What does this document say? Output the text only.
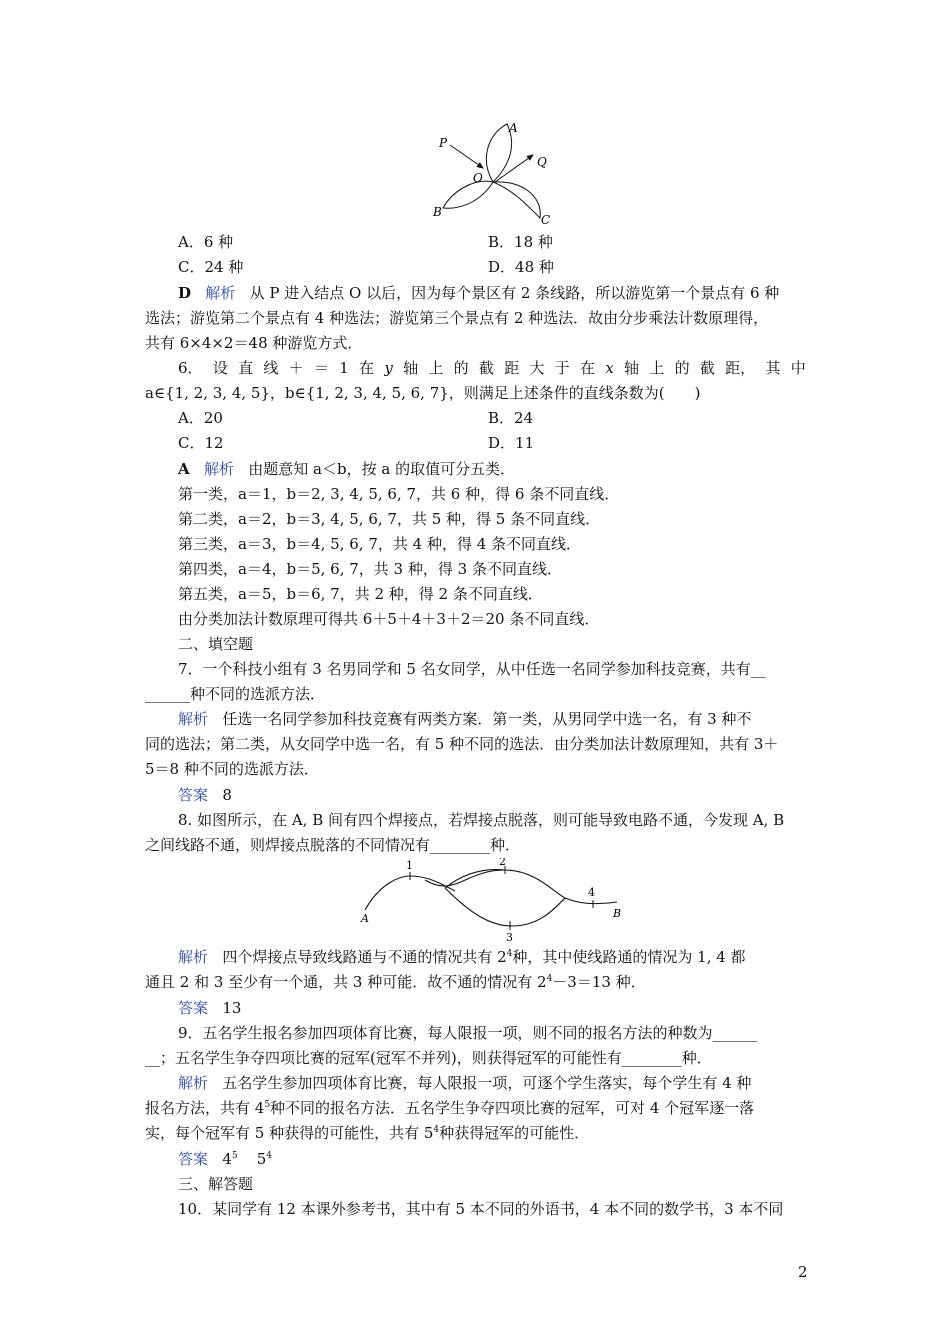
P
A
Q
O
B
C
A．6 种	B．18 种
C．24 种	D．48 种
D 解析 从 P 进入结点 O 以后，因为每个景区有 2 条线路，所以游览第一个景点有 6 种
选法；游览第二个景点有 4 种选法；游览第三个景点有 2 种选法．故由分步乘法计数原理得，
共有 6×4×2＝48 种游览方式．
6． 设 直 线 ＋ ＝ 1 在 y 轴 上 的 截 距 大 于 在 x 轴 上 的 截 距， 其 中
a∈{1, 2, 3, 4, 5}，b∈{1, 2, 3, 4, 5, 6, 7}，则满足上述条件的直线条数为(　　)
A．20	B．24
C．12	D．11
A 解析 由题意知 a＜b，按 a 的取值可分五类．
第一类，a＝1，b＝2, 3, 4, 5, 6, 7，共 6 种，得 6 条不同直线．
第二类，a＝2，b＝3, 4, 5, 6, 7，共 5 种，得 5 条不同直线．
第三类，a＝3，b＝4, 5, 6, 7，共 4 种，得 4 条不同直线．
第四类，a＝4，b＝5, 6, 7，共 3 种，得 3 条不同直线．
第五类，a＝5，b＝6, 7，共 2 种，得 2 条不同直线．
由分类加法计数原理可得共 6＋5＋4＋3＋2＝20 条不同直线．
二、填空题
7．一个科技小组有 3 名男同学和 5 名女同学，从中任选一名同学参加科技竞赛，共有__
______种不同的选派方法．
解析 任选一名同学参加科技竞赛有两类方案．第一类，从男同学中选一名，有 3 种不
同的选法；第二类，从女同学中选一名，有 5 种不同的选法．由分类加法计数原理知，共有 3＋
5＝8 种不同的选派方法．
答案 8
8. 如图所示，在 A, B 间有四个焊接点，若焊接点脱落，则可能导致电路不通，今发现 A, B
之间线路不通，则焊接点脱落的不同情况有________种．
1	2
3
4
A	B
解析 四个焊接点导致线路通与不通的情况共有 $2^4$种，其中使线路通的情况为 1, 4 都
通且 2 和 3 至少有一个通，共 3 种可能．故不通的情况有 $2^4-3=13$ 种．
答案 13
9．五名学生报名参加四项体育比赛，每人限报一项，则不同的报名方法的种数为______
__；五名学生争夺四项比赛的冠军(冠军不并列)，则获得冠军的可能性有________种．
解析 五名学生参加四项体育比赛，每人限报一项，可逐个学生落实，每个学生有 4 种
报名方法，共有 $4^5$种不同的报名方法．五名学生争夺四项比赛的冠军，可对 4 个冠军逐一落
实，每个冠军有 5 种获得的可能性，共有 $5^4$种获得冠军的可能性．
答案 $4^5$ $5^4$
三、解答题
10．某同学有 12 本课外参考书，其中有 5 本不同的外语书，4 本不同的数学书，3 本不同
2
